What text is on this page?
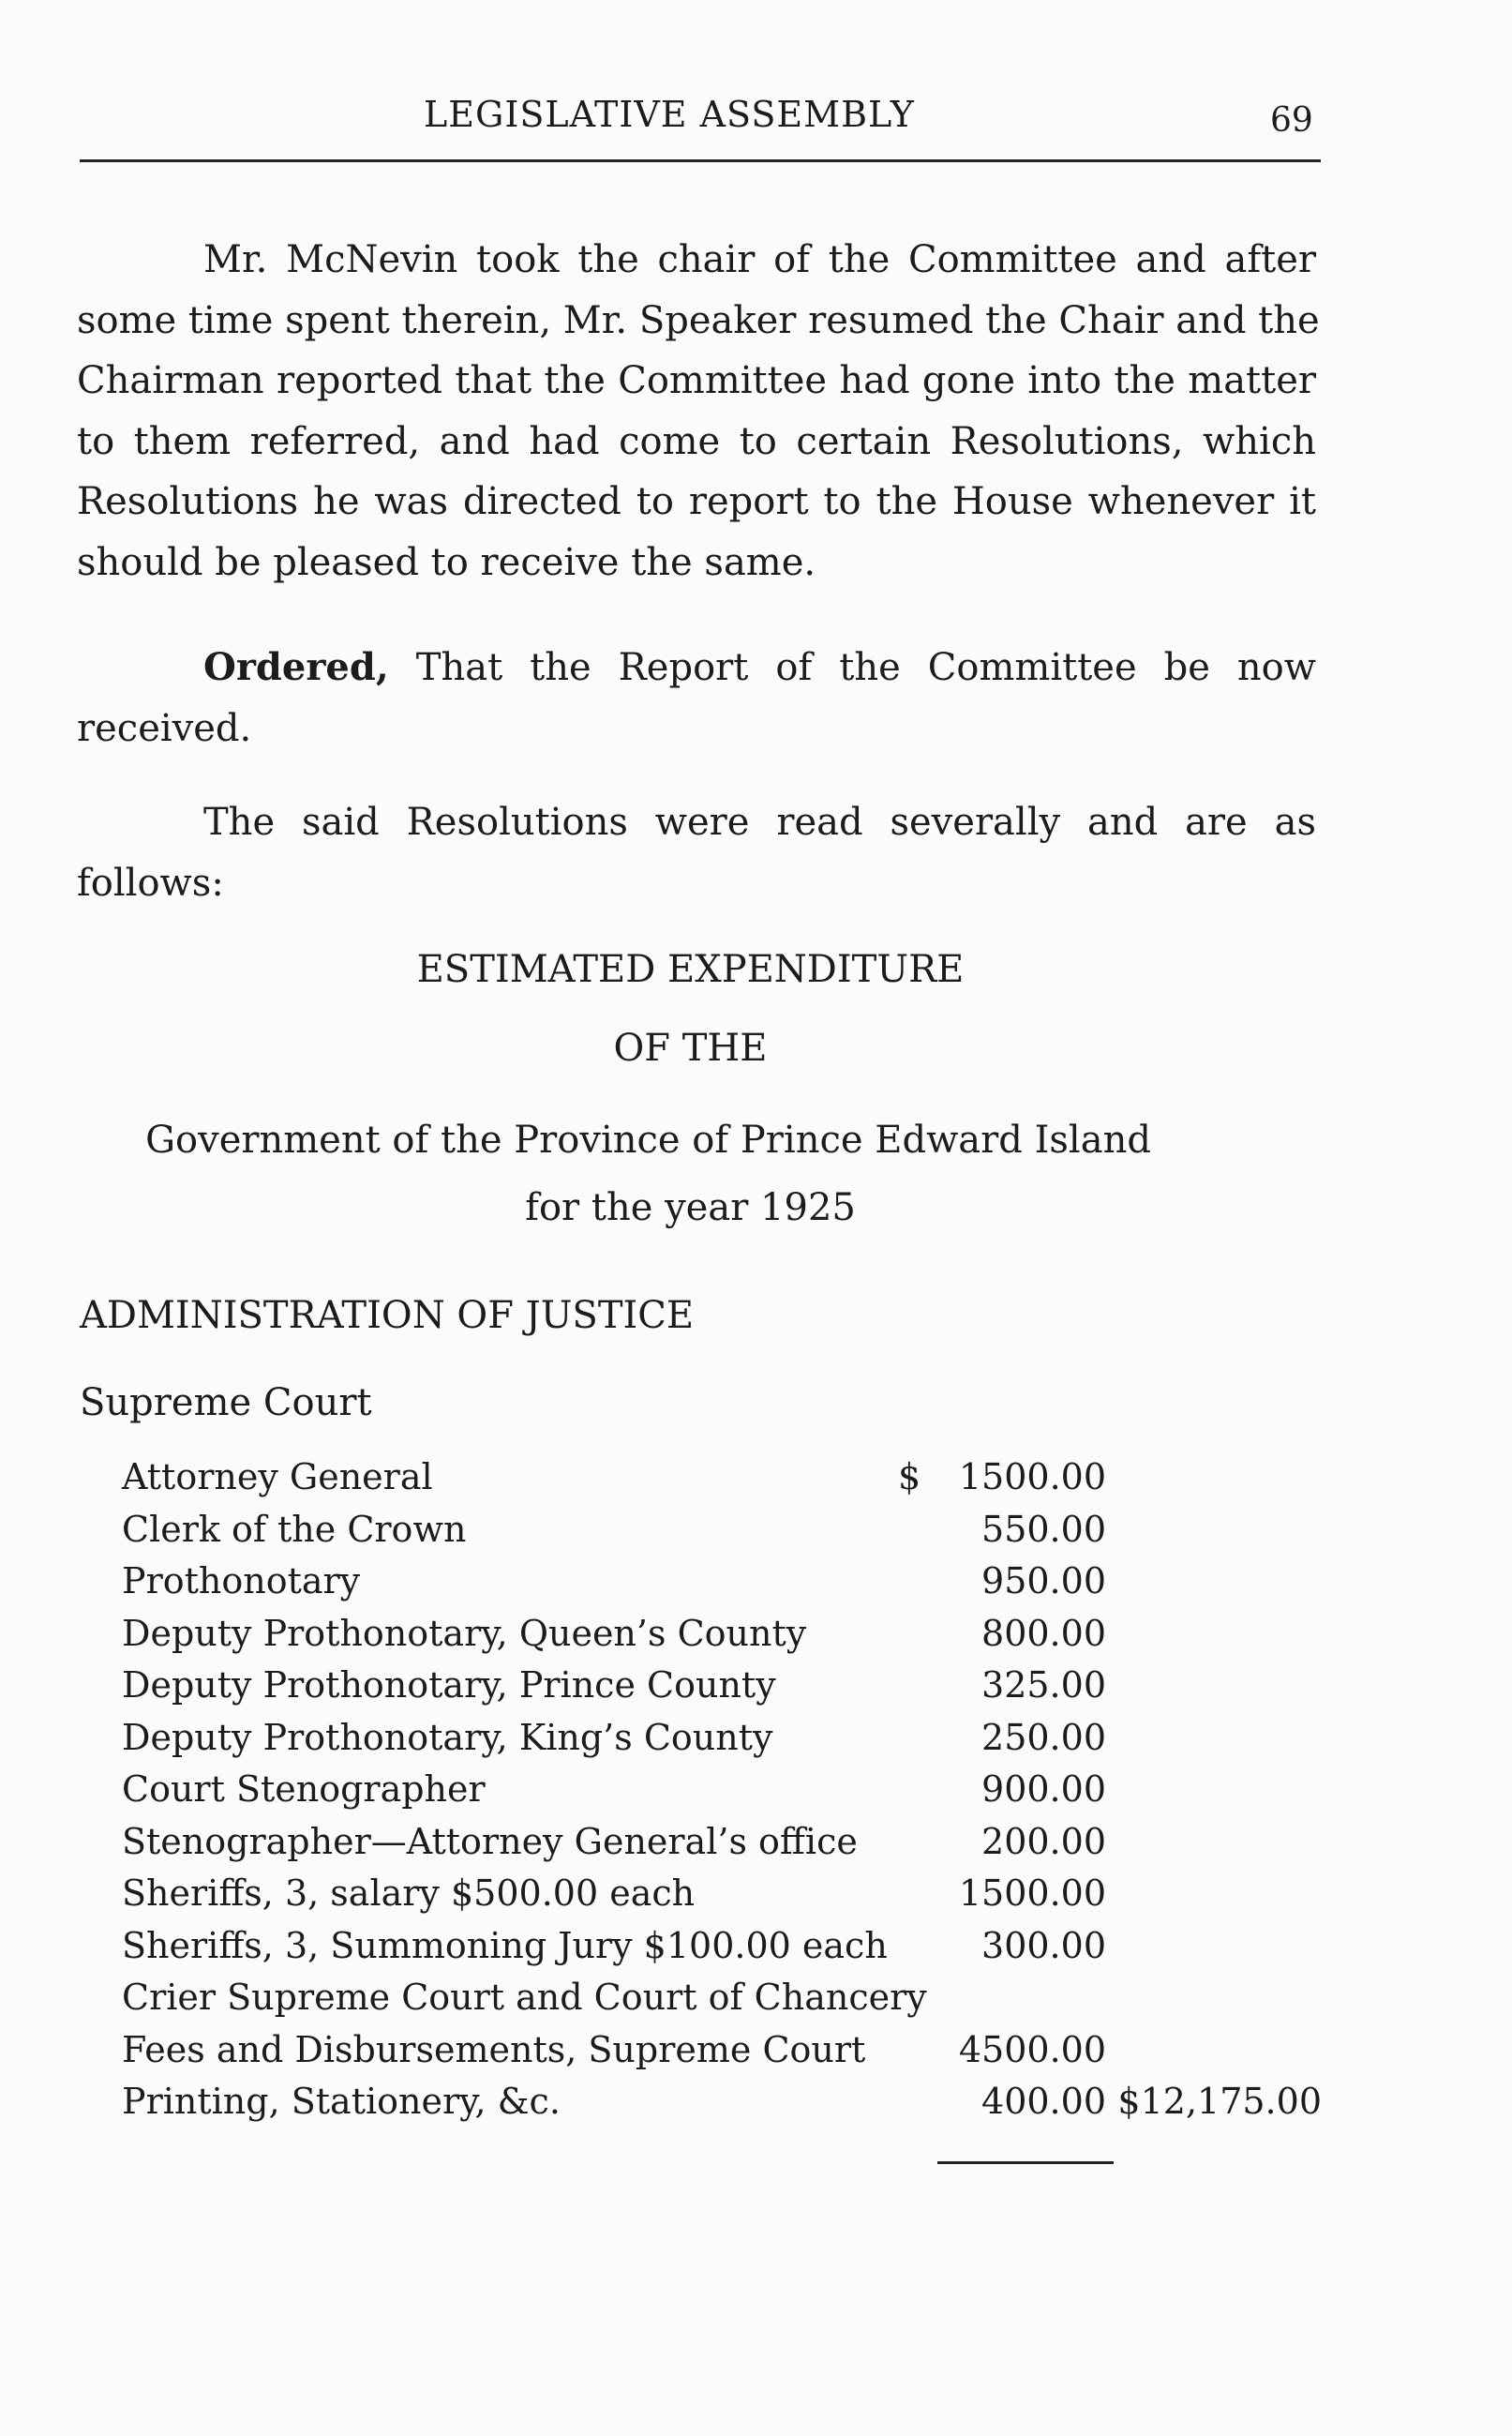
LEGISLATIVE ASSEMBLY	69
Mr. McNevin took the chair of the Committee and after
some time spent therein, Mr. Speaker resumed the Chair and the
Chairman reported that the Committee had gone into the matter
to them referred, and had come to certain Resolutions, which
Resolutions he was directed to report to the House whenever it
should be pleased to receive the same.
Ordered, That the Report of the Committee be now
received.
The said Resolutions were read severally and are as
follows:
ESTIMATED EXPENDITURE
OF THE
Government of the Province of Prince Edward Island
for the year 1925
ADMINISTRATION OF JUSTICE
Supreme Court
Attorney General	$	1500.00
Clerk of the Crown	550.00
Prothonotary	950.00
Deputy Prothonotary, Queen’s County	800.00
Deputy Prothonotary, Prince County	325.00
Deputy Prothonotary, King’s County	250.00
Court Stenographer	900.00
Stenographer—Attorney General’s office	200.00
Sheriffs, 3, salary $500.00 each	1500.00
Sheriffs, 3, Summoning Jury $100.00 each	300.00
Crier Supreme Court and Court of Chancery
Fees and Disbursements, Supreme Court	4500.00
Printing, Stationery, &c.	400.00 $12,175.00
